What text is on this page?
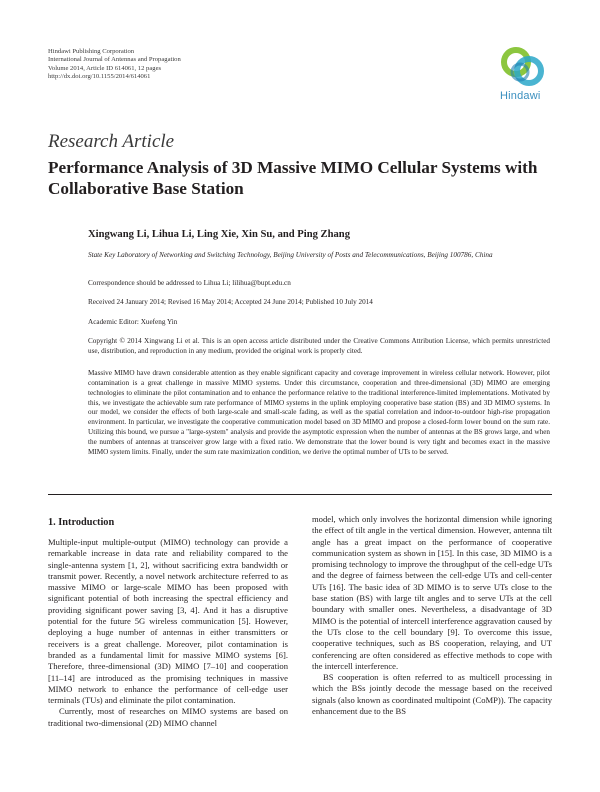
Hindawi Publishing Corporation
International Journal of Antennas and Propagation
Volume 2014, Article ID 614061, 12 pages
http://dx.doi.org/10.1155/2014/614061
Hindawi
Research Article
Performance Analysis of 3D Massive MIMO Cellular Systems with Collaborative Base Station
Xingwang Li, Lihua Li, Ling Xie, Xin Su, and Ping Zhang
State Key Laboratory of Networking and Switching Technology, Beijing University of Posts and Telecommunications, Beijing 100786, China
Correspondence should be addressed to Lihua Li; lilihua@bupt.edu.cn
Received 24 January 2014; Revised 16 May 2014; Accepted 24 June 2014; Published 10 July 2014
Academic Editor: Xuefeng Yin
Copyright © 2014 Xingwang Li et al. This is an open access article distributed under the Creative Commons Attribution License, which permits unrestricted use, distribution, and reproduction in any medium, provided the original work is properly cited.
Massive MIMO have drawn considerable attention as they enable significant capacity and coverage improvement in wireless cellular network. However, pilot contamination is a great challenge in massive MIMO systems. Under this circumstance, cooperation and three-dimensional (3D) MIMO are emerging technologies to eliminate the pilot contamination and to enhance the performance relative to the traditional interference-limited implementations. Motivated by this, we investigate the achievable sum rate performance of MIMO systems in the uplink employing cooperative base station (BS) and 3D MIMO systems. In our model, we consider the effects of both large-scale and small-scale fading, as well as the spatial correlation and indoor-to-outdoor high-rise propagation environment. In particular, we investigate the cooperative communication model based on 3D MIMO and propose a closed-form lower bound on the sum rate. Utilizing this bound, we pursue a "large-system" analysis and provide the asymptotic expression when the number of antennas at the BS grows large, and when the numbers of antennas at transceiver grow large with a fixed ratio. We demonstrate that the lower bound is very tight and becomes exact in the massive MIMO system limits. Finally, under the sum rate maximization condition, we derive the optimal number of UTs to be served.
1. Introduction

Multiple-input multiple-output (MIMO) technology can provide a remarkable increase in data rate and reliability compared to the single-antenna system [1, 2], without sacrificing extra bandwidth or transmit power. Recently, a novel network architecture referred to as massive MIMO or large-scale MIMO has been proposed with significant potential of both increasing the spectral efficiency and providing significant power saving [3, 4]. And it has a disruptive potential for the future 5G wireless communication [5]. However, deploying a huge number of antennas in either transmitters or receivers is a great challenge. Moreover, pilot contamination is branded as a fundamental limit for massive MIMO systems [6]. Therefore, three-dimensional (3D) MIMO [7–10] and cooperation [11–14] are introduced as the promising techniques in massive MIMO network to enhance the performance of cell-edge user terminals (TUs) and eliminate the pilot contamination.

Currently, most of researches on MIMO systems are based on traditional two-dimensional (2D) MIMO channel

model, which only involves the horizontal dimension while ignoring the effect of tilt angle in the vertical dimension. However, antenna tilt angle has a great impact on the performance of cooperative communication system as shown in [15]. In this case, 3D MIMO is a promising technology to improve the throughput of the cell-edge UTs and the degree of fairness between the cell-edge UTs and cell-center UTs [16]. The basic idea of 3D MIMO is to serve UTs close to the base station (BS) with large tilt angles and to serve UTs at the cell boundary with smaller ones. Nevertheless, a disadvantage of 3D MIMO is the potential of intercell interference aggravation caused by the UTs close to the cell boundary [9]. To overcome this issue, cooperative techniques, such as BS cooperation, relaying, and UT conferencing are often considered as effective methods to cope with the intercell interference.

BS cooperation is often referred to as multicell processing in which the BSs jointly decode the message based on the received signals (also known as coordinated multipoint (CoMP)). The capacity enhancement due to the BS
